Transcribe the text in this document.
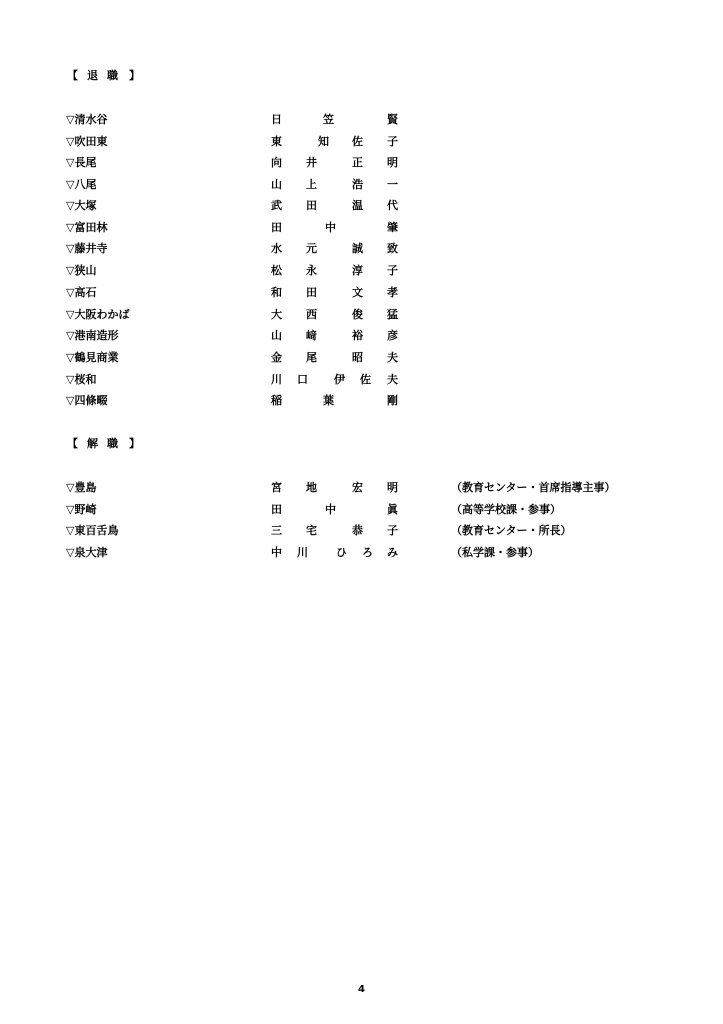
【 退 職 】
▽清水谷	日	笠	賢
▽吹田東	東	知 佐 子
▽長尾	向 井	正 明
▽八尾	山 上	浩 一
▽大塚	武 田	温 代
▽富田林	田	中	肇
▽藤井寺	水 元	誠 致
▽狭山	松 永	淳 子
▽高石	和 田	文 孝
▽大阪わかば	大 西	俊 猛
▽港南造形	山 﨑	裕 彦
▽鶴見商業	金 尾	昭 夫
▽桜和	川 口 伊 佐 夫
▽四條畷	稲	葉	剛
【 解 職 】
▽豊島	宮 地	宏 明	（教育センター・首席指導主事）
▽野崎	田	中	眞	（高等学校課・参事）
▽東百舌鳥	三 宅	恭 子	（教育センター・所長）
▽泉大津	中 川	ひ ろ み	（私学課・参事）
4
